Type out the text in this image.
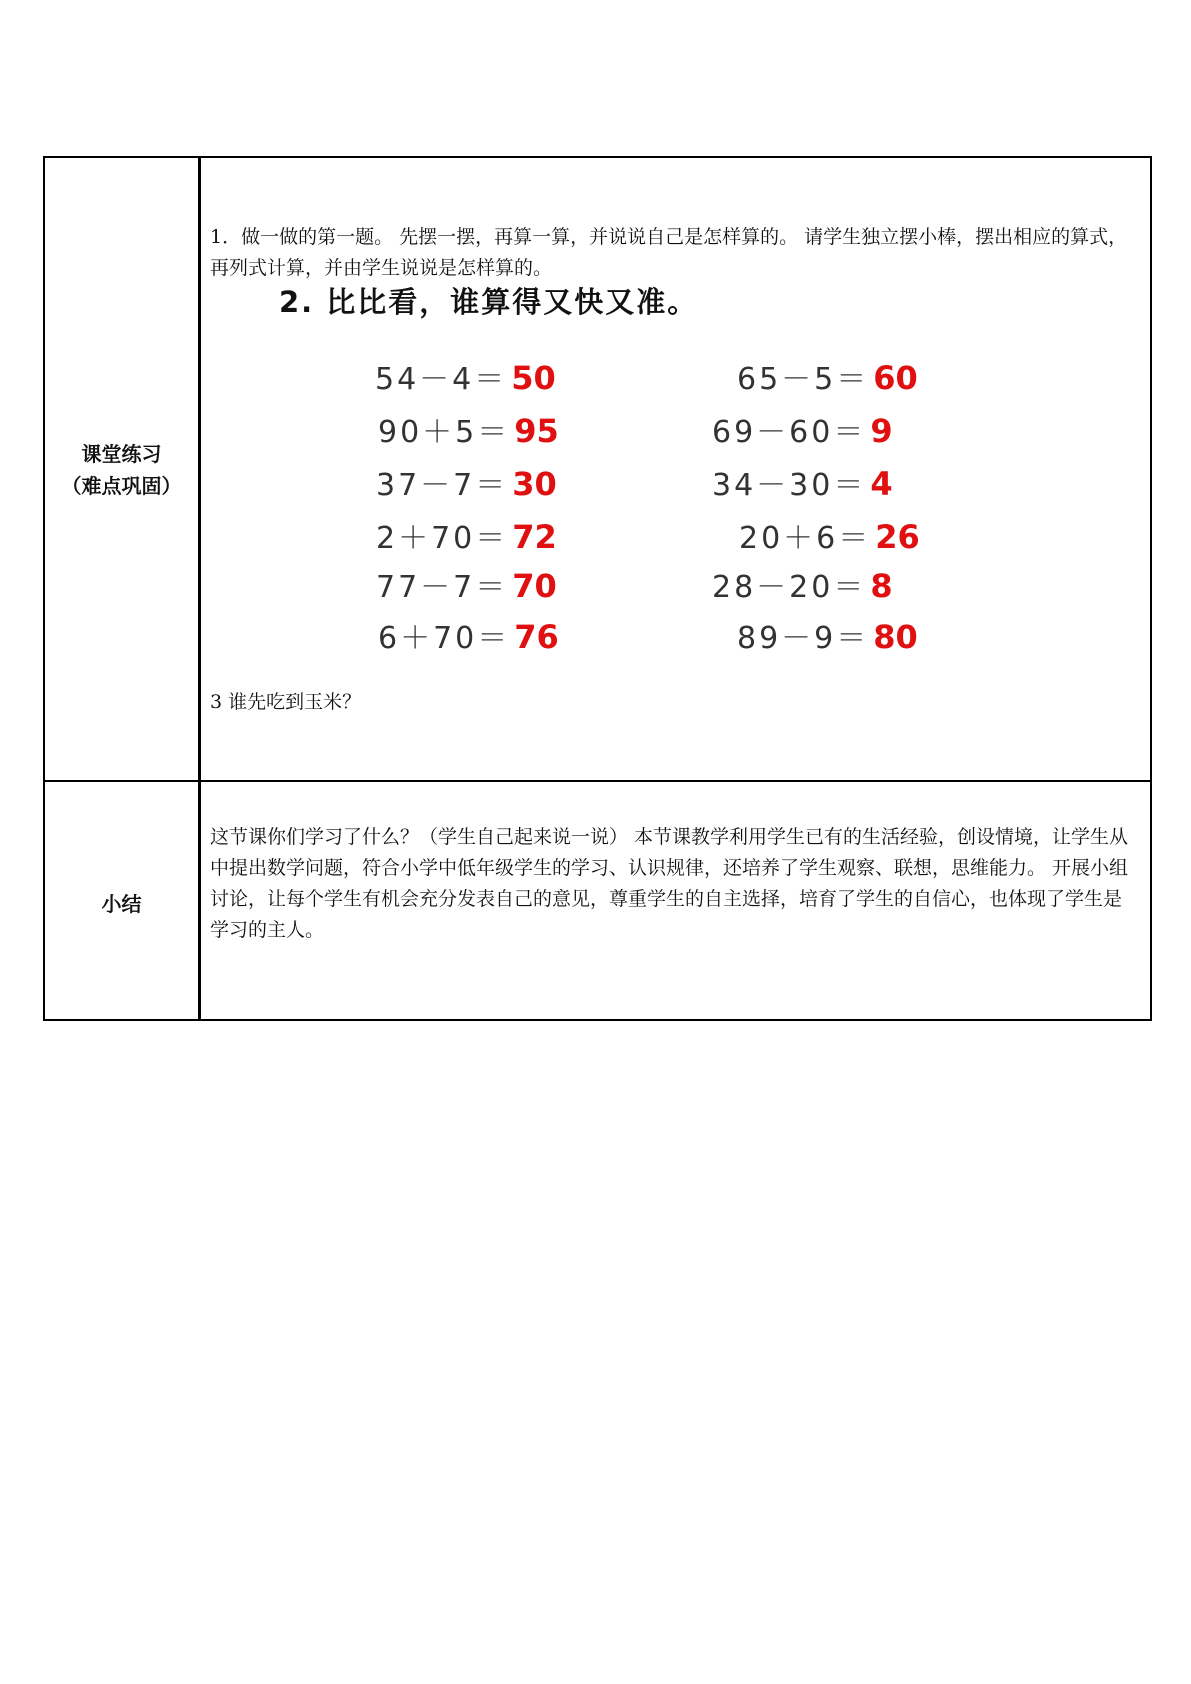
课堂练习
（难点巩固）
1．做一做的第一题。 先摆一摆，再算一算，并说说自己是怎样算的。 请学生独立摆小棒，摆出相应的算式，再列式计算，并由学生说说是怎样算的。
2. 比比看，谁算得又快又准。
54－4＝ 50
90＋5＝ 95
37－7＝ 30
2＋70＝ 72
77－7＝ 70
6＋70＝ 76
65－5＝ 60
69－60＝ 9
34－30＝ 4
20＋6＝ 26
28－20＝ 8
89－9＝ 80
3 谁先吃到玉米？
小结
这节课你们学习了什么？（学生自己起来说一说） 本节课教学利用学生已有的生活经验，创设情境，让学生从中提出数学问题，符合小学中低年级学生的学习、认识规律，还培养了学生观察、联想，思维能力。 开展小组讨论，让每个学生有机会充分发表自己的意见，尊重学生的自主选择，培育了学生的自信心，也体现了学生是学习的主人。
